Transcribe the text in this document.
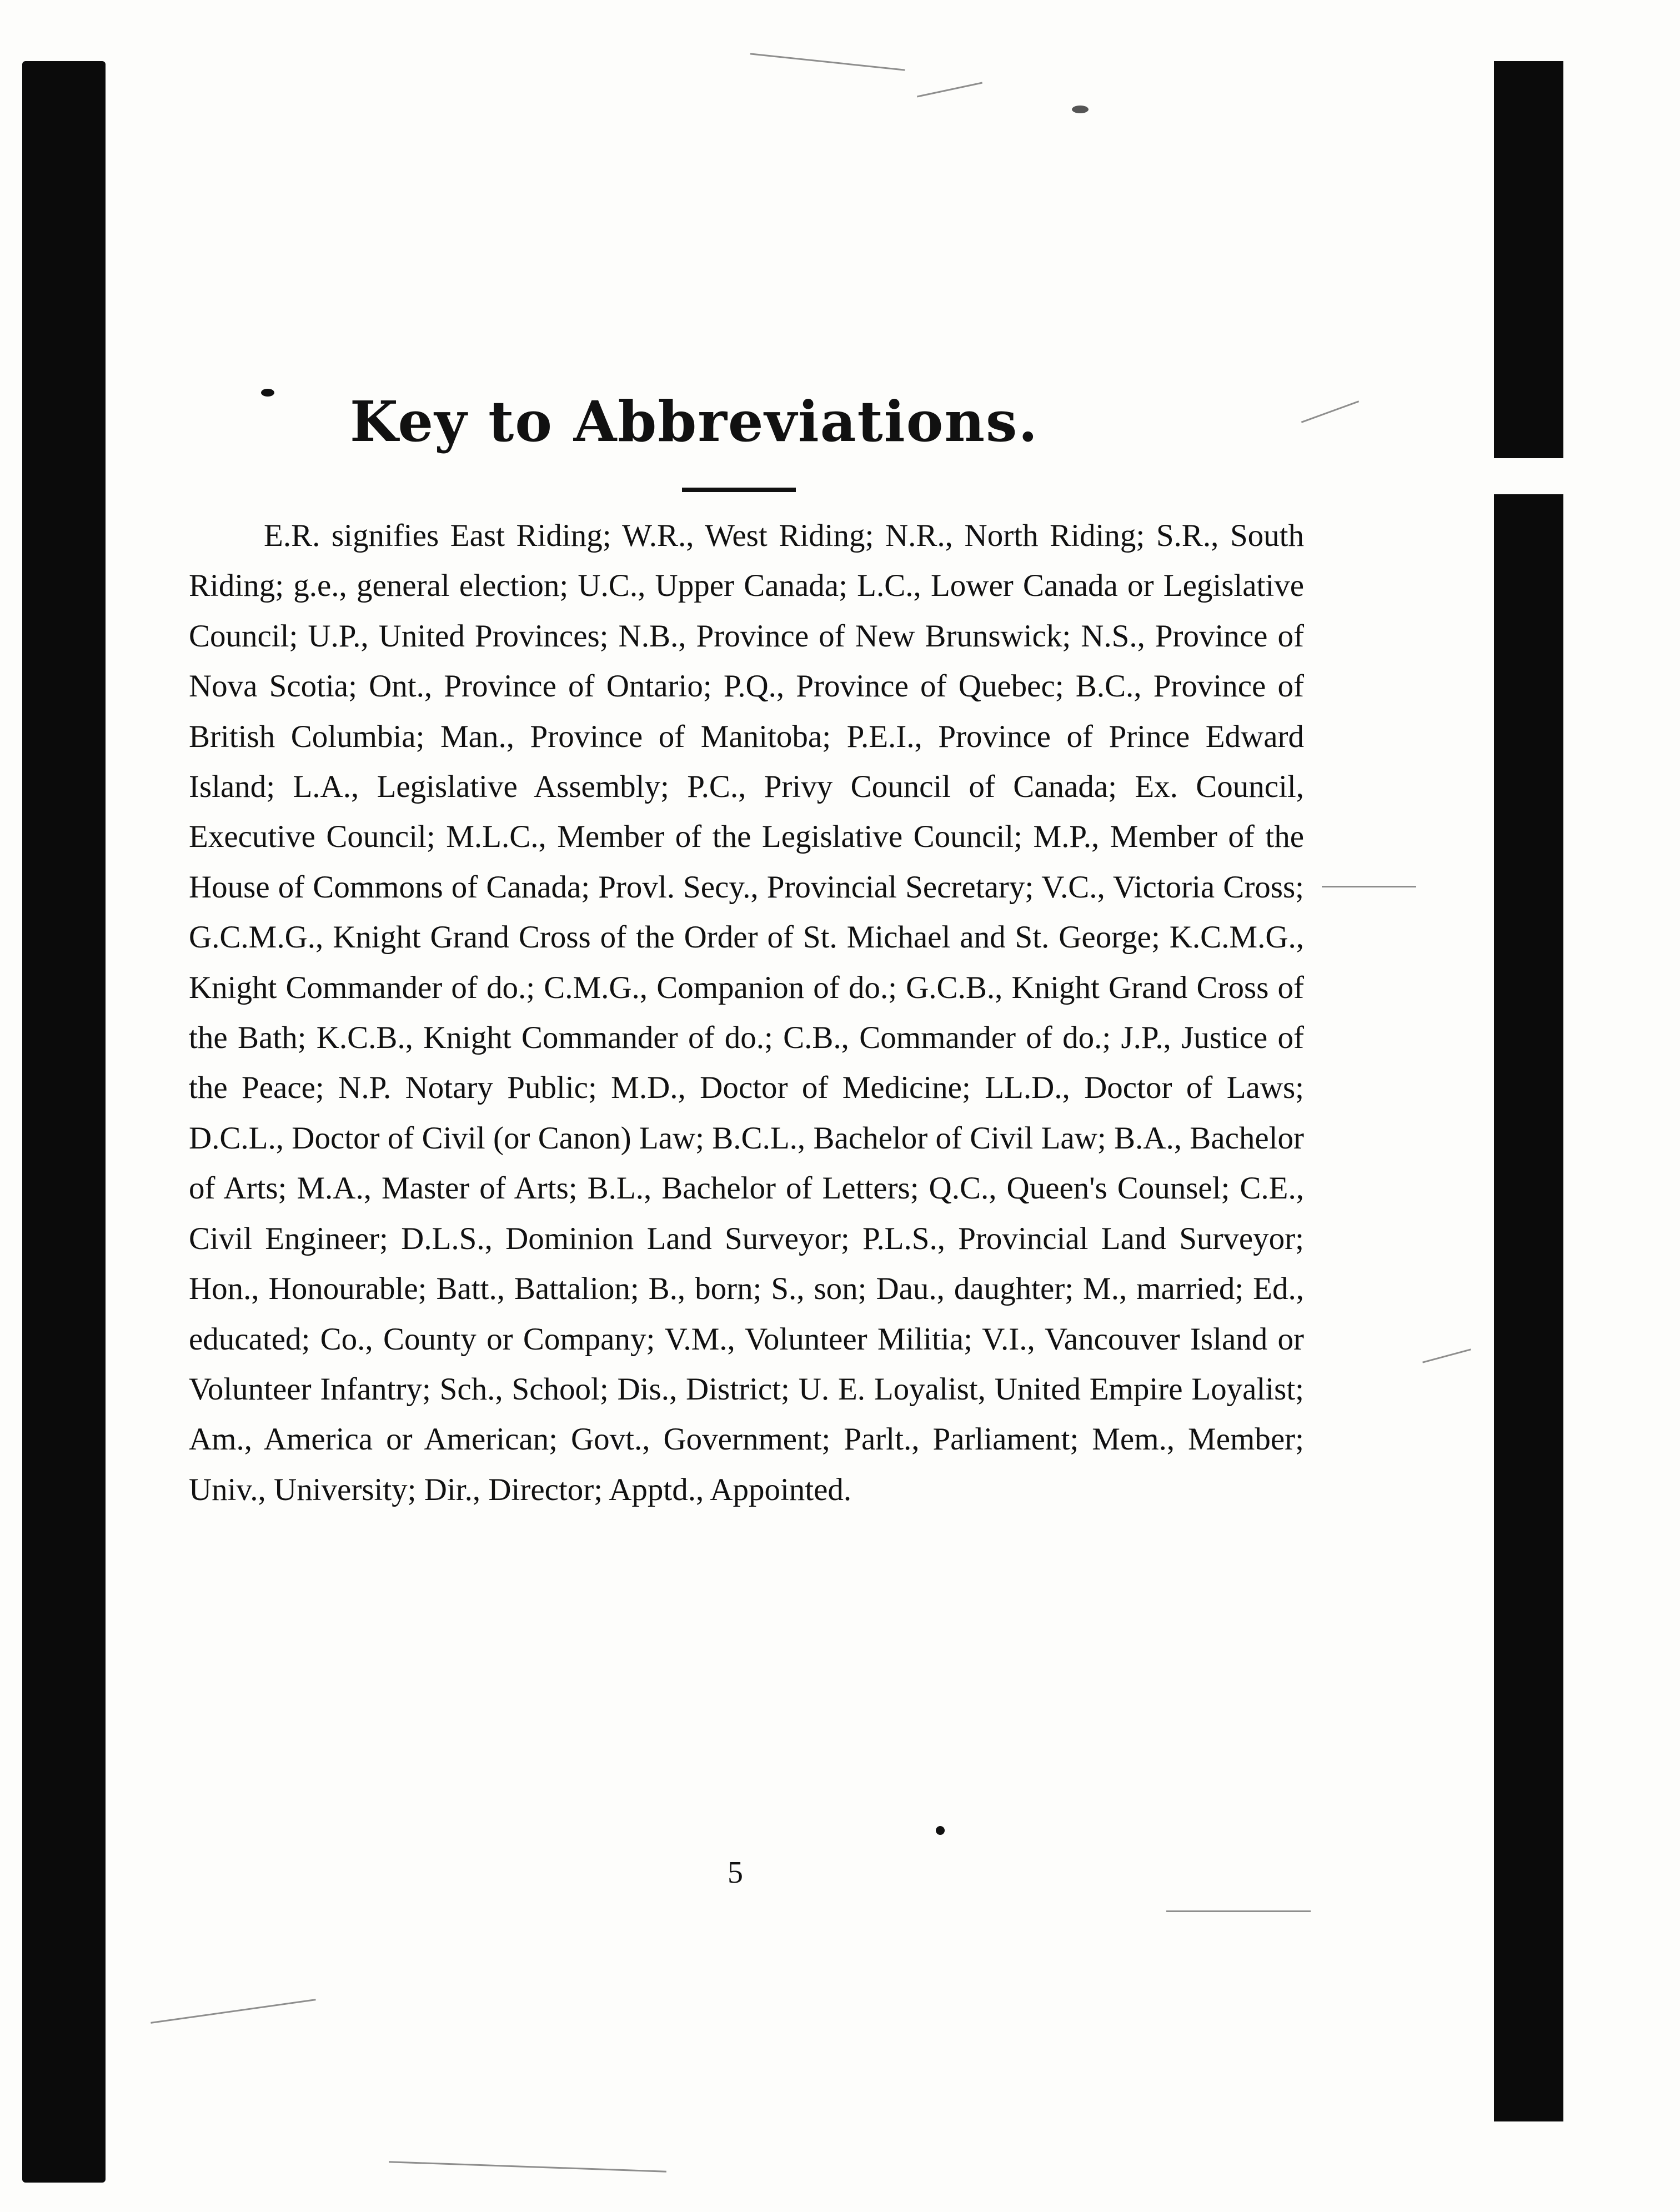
Key to Abbreviations.

E.R. signifies East Riding; W.R., West Riding; N.R., North Riding; S.R., South Riding; g.e., general election; U.C., Upper Canada; L.C., Lower Canada or Legislative Council; U.P., United Provinces; N.B., Province of New Brunswick; N.S., Province of Nova Scotia; Ont., Province of Ontario; P.Q., Province of Quebec; B.C., Province of British Columbia; Man., Province of Manitoba; P.E.I., Province of Prince Edward Island; L.A., Legislative Assembly; P.C., Privy Council of Canada; Ex. Council, Executive Council; M.L.C., Member of the Legislative Council; M.P., Member of the House of Commons of Canada; Provl. Secy., Provincial Secretary; V.C., Victoria Cross; G.C.M.G., Knight Grand Cross of the Order of St. Michael and St. George; K.C.M.G., Knight Commander of do.; C.M.G., Companion of do.; G.C.B., Knight Grand Cross of the Bath; K.C.B., Knight Commander of do.; C.B., Commander of do.; J.P., Justice of the Peace; N.P. Notary Public; M.D., Doctor of Medicine; LL.D., Doctor of Laws; D.C.L., Doctor of Civil (or Canon) Law; B.C.L., Bachelor of Civil Law; B.A., Bachelor of Arts; M.A., Master of Arts; B.L., Bachelor of Letters; Q.C., Queen's Counsel; C.E., Civil Engineer; D.L.S., Dominion Land Surveyor; P.L.S., Provincial Land Surveyor; Hon., Honourable; Batt., Battalion; B., born; S., son; Dau., daughter; M., married; Ed., educated; Co., County or Company; V.M., Volunteer Militia; V.I., Vancouver Island or Volunteer Infantry; Sch., School; Dis., District; U. E. Loyalist, United Empire Loyalist; Am., America or American; Govt., Government; Parlt., Parliament; Mem., Member; Univ., University; Dir., Director; Apptd., Appointed.

5
